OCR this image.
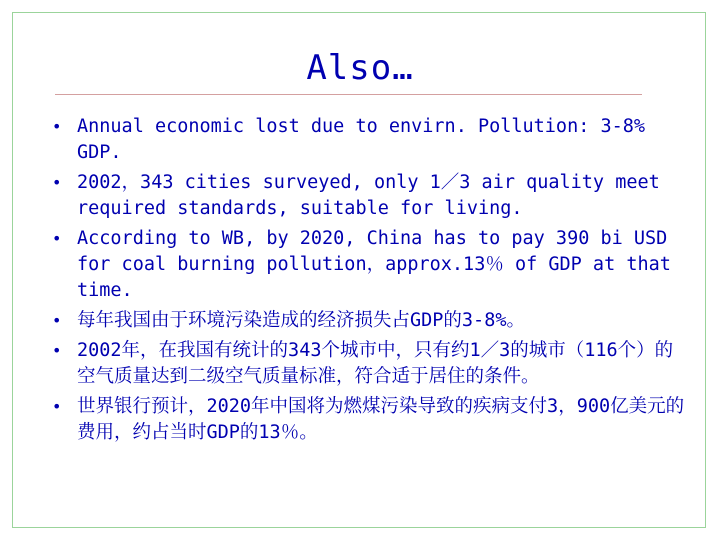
Also…
• Annual economic lost due to envirn. Pollution: 3-8% GDP.
• 2002，343 cities surveyed, only 1／3 air quality meet required standards, suitable for living.
• According to WB, by 2020, China has to pay 390 bi USD for coal burning pollution，approx.13％ of GDP at that time.
• 每年我国由于环境污染造成的经济损失占GDP的3-8%。
• 2002年，在我国有统计的343个城市中，只有约1／3的城市（116个）的空气质量达到二级空气质量标准，符合适于居住的条件。
• 世界银行预计，2020年中国将为燃煤污染导致的疾病支付3，900亿美元的费用，约占当时GDP的13％。
